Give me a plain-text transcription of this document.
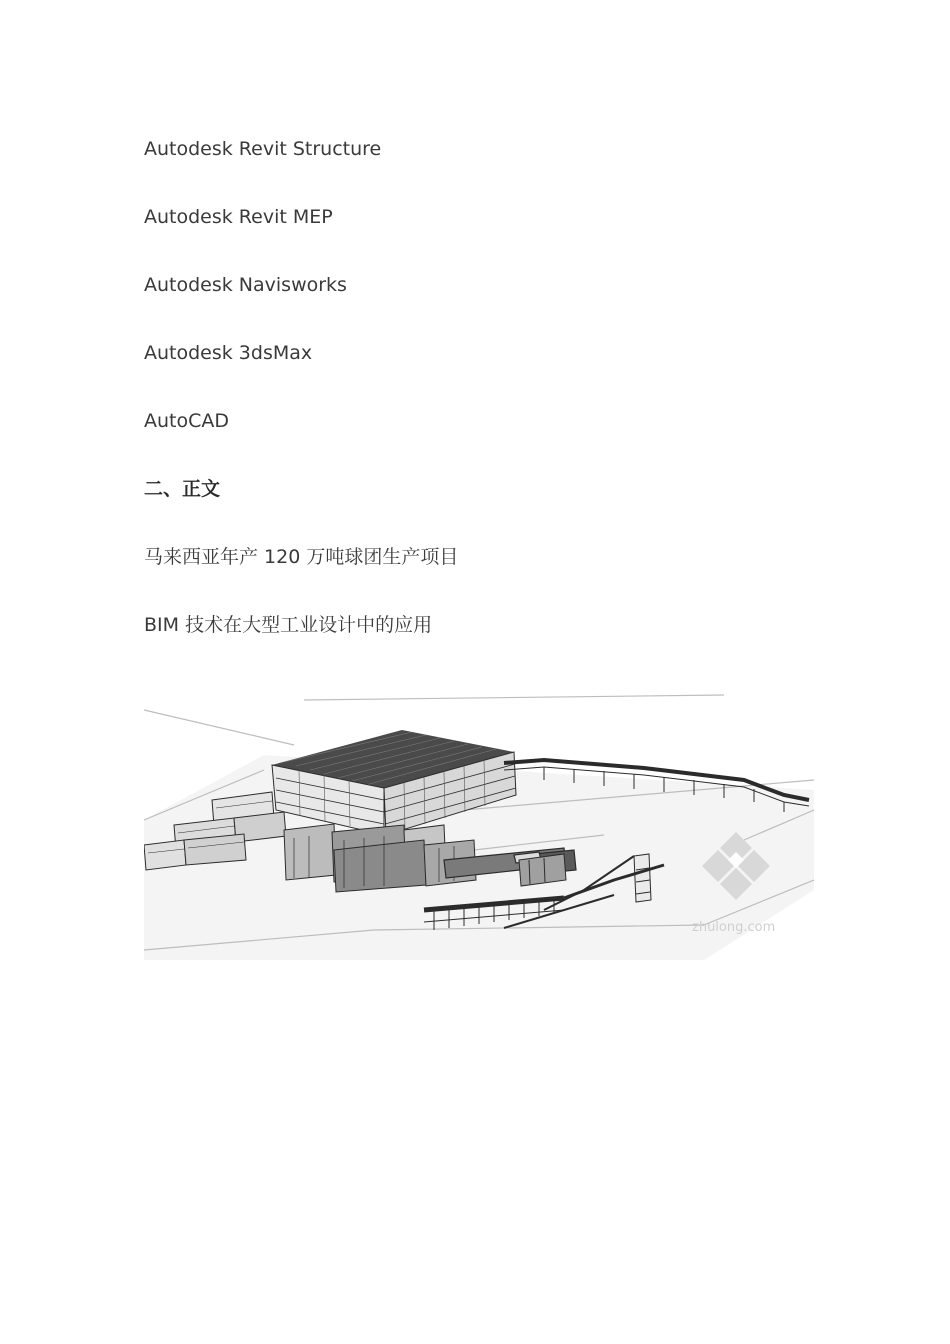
Autodesk Revit Structure
Autodesk Revit MEP
Autodesk Navisworks
Autodesk 3dsMax
AutoCAD
二、正文
马来西亚年产 120 万吨球团生产项目
BIM 技术在大型工业设计中的应用
zhulong.com
